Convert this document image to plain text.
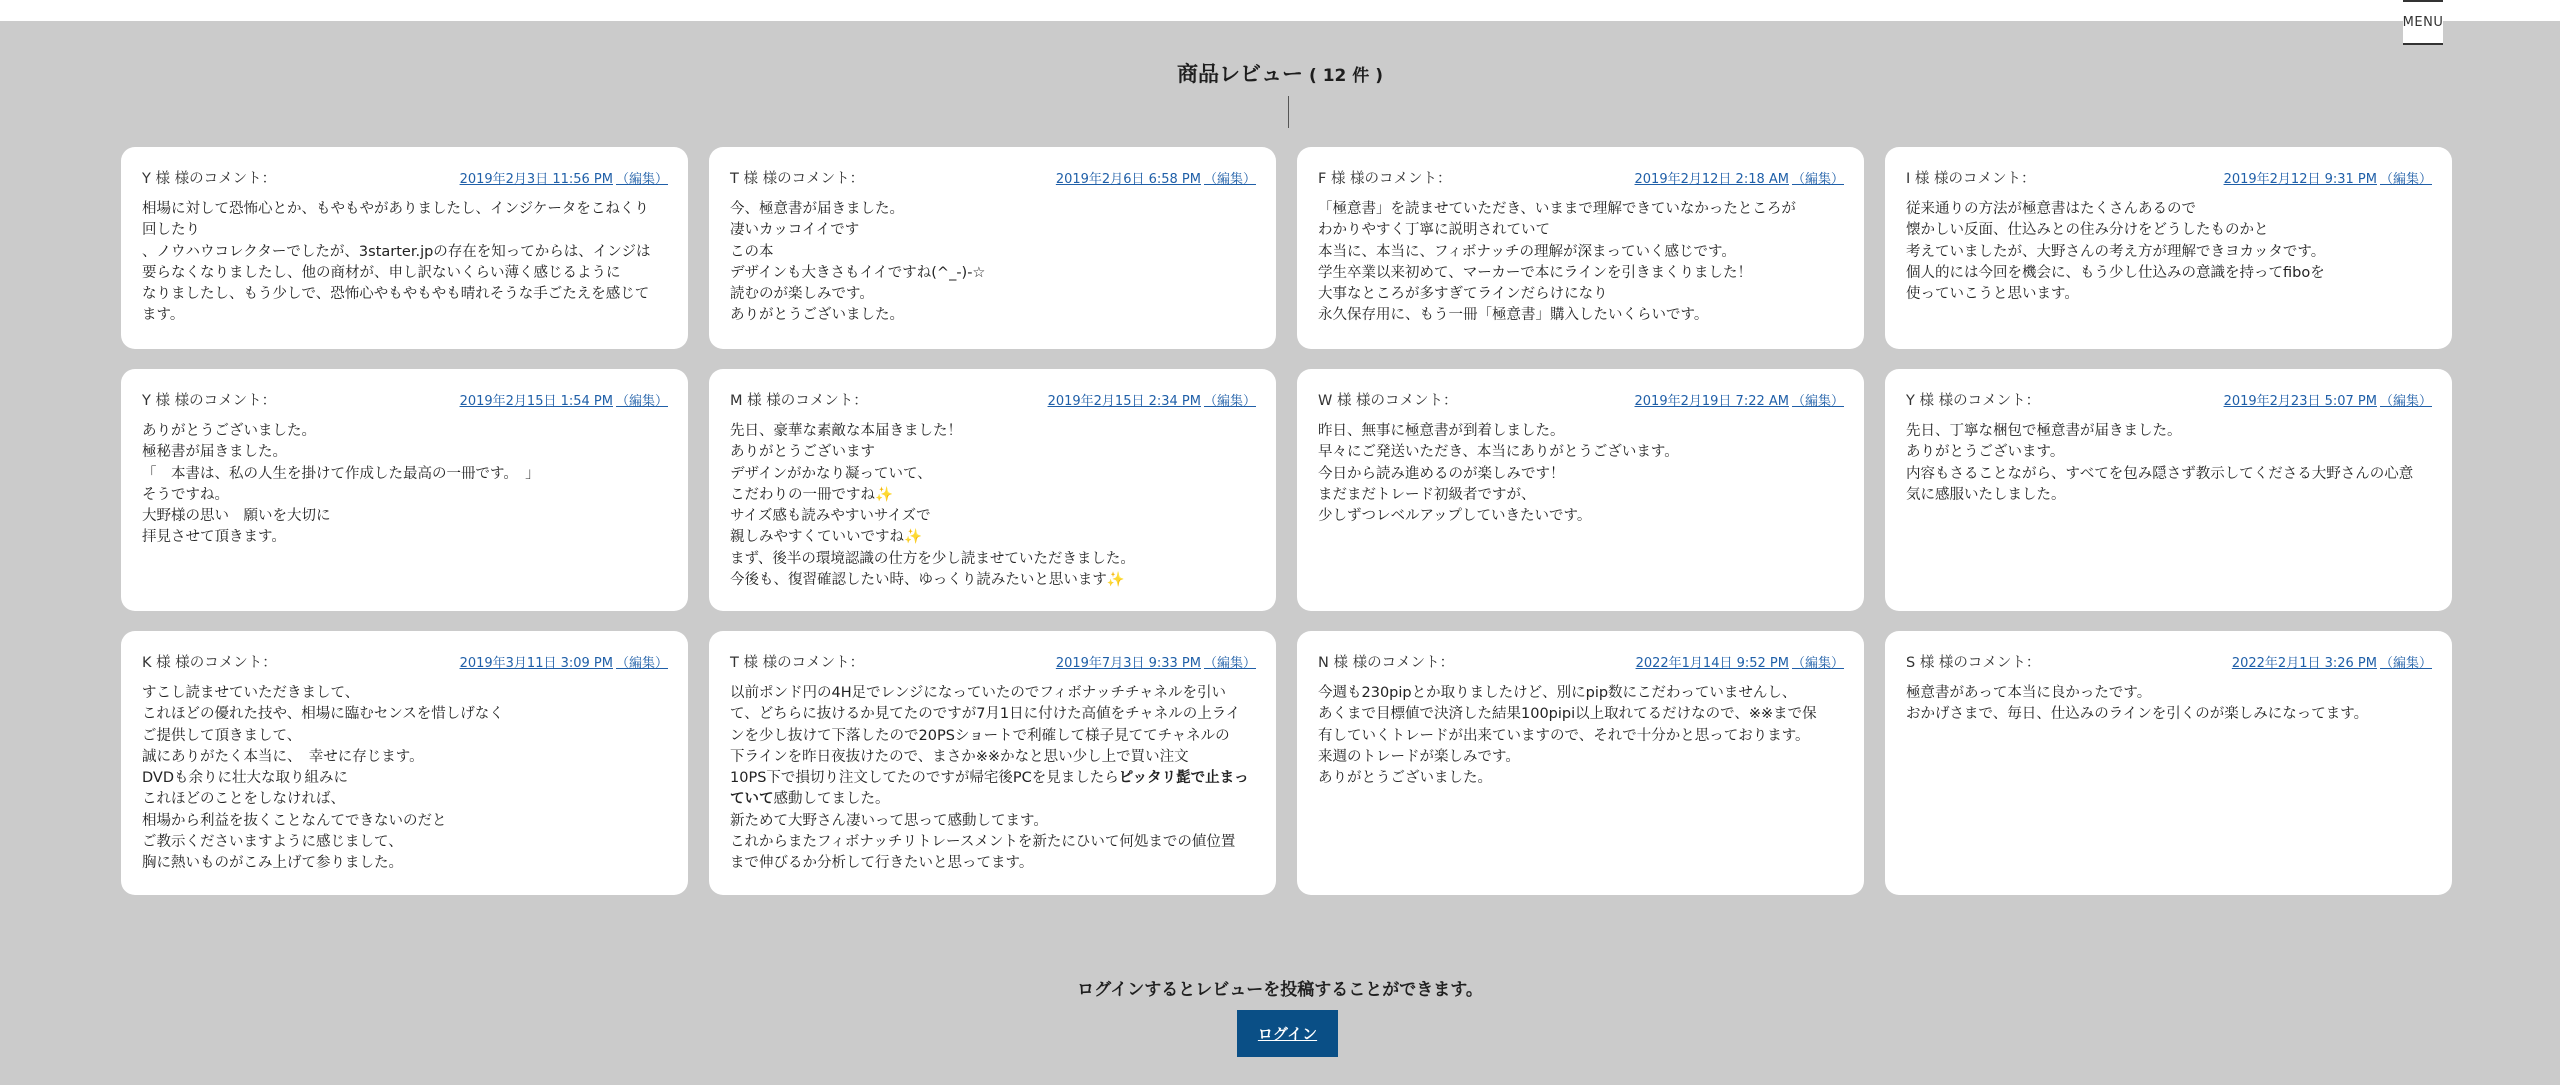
MENU
商品レビュー ( 12 件 )
Y 様 様のコメント：	2019年2月3日 11:56 PM （編集）
相場に対して恐怖心とか、もやもやがありましたし、インジケータをこねくり
回したり
、ノウハウコレクターでしたが、3starter.jpの存在を知ってからは、インジは
要らなくなりましたし、他の商材が、申し訳ないくらい薄く感じるように
なりましたし、もう少しで、恐怖心やもやもやも晴れそうな手ごたえを感じて
ます。
T 様 様のコメント：	2019年2月6日 6:58 PM （編集）
今、極意書が届きました。
凄いカッコイイです
この本
デザインも大きさもイイですね(^_-)-☆
読むのが楽しみです。
ありがとうございました。
F 様 様のコメント：	2019年2月12日 2:18 AM （編集）
「極意書」を読ませていただき、いままで理解できていなかったところが
わかりやすく丁寧に説明されていて
本当に、本当に、フィボナッチの理解が深まっていく感じです。
学生卒業以来初めて、マーカーで本にラインを引きまくりました！
大事なところが多すぎてラインだらけになり
永久保存用に、もう一冊「極意書」購入したいくらいです。
I 様 様のコメント：	2019年2月12日 9:31 PM （編集）
従来通りの方法が極意書はたくさんあるので
懐かしい反面、仕込みとの住み分けをどうしたものかと
考えていましたが、大野さんの考え方が理解できヨカッタです。
個人的には今回を機会に、もう少し仕込みの意識を持ってfiboを
使っていこうと思います。
Y 様 様のコメント：	2019年2月15日 1:54 PM （編集）
ありがとうございました。
極秘書が届きました。
「　本書は、私の人生を掛けて作成した最高の一冊です。　」
そうですね。
大野様の思い　願いを大切に
拝見させて頂きます。
M 様 様のコメント：	2019年2月15日 2:34 PM （編集）
先日、豪華な素敵な本届きました！
ありがとうございます
デザインがかなり凝っていて、
こだわりの一冊ですね✨
サイズ感も読みやすいサイズで
親しみやすくていいですね✨
まず、後半の環境認識の仕方を少し読ませていただきました。
今後も、復習確認したい時、ゆっくり読みたいと思います✨
W 様 様のコメント：	2019年2月19日 7:22 AM （編集）
昨日、無事に極意書が到着しました。
早々にご発送いただき、本当にありがとうございます。
今日から読み進めるのが楽しみです！
まだまだトレード初級者ですが、
少しずつレベルアップしていきたいです。
Y 様 様のコメント：	2019年2月23日 5:07 PM （編集）
先日、丁寧な梱包で極意書が届きました。
ありがとうございます。
内容もさることながら、すべてを包み隠さず教示してくださる大野さんの心意
気に感服いたしました。
K 様 様のコメント：	2019年3月11日 3:09 PM （編集）
すこし読ませていただきまして、
これほどの優れた技や、相場に臨むセンスを惜しげなく
ご提供して頂きまして、
誠にありがたく本当に、　幸せに存じます。
DVDも余りに壮大な取り組みに
これほどのことをしなければ、
相場から利益を抜くことなんてできないのだと
ご教示くださいますように感じまして、
胸に熱いものがこみ上げて参りました。
T 様 様のコメント：	2019年7月3日 9:33 PM （編集）
以前ポンド円の4H足でレンジになっていたのでフィボナッチチャネルを引い
て、どちらに抜けるか見てたのですが7月1日に付けた高値をチャネルの上ライ
ンを少し抜けて下落したので20PSショートで利確して様子見ててチャネルの
下ラインを昨日夜抜けたので、まさか※※かなと思い少し上で買い注文
10PS下で損切り注文してたのですが帰宅後PCを見ましたらピッタリ髭で止まっていて感動してました。
新ためて大野さん凄いって思って感動してます。
これからまたフィボナッチリトレースメントを新たにひいて何処までの値位置
まで伸びるか分析して行きたいと思ってます。
N 様 様のコメント：	2022年1月14日 9:52 PM （編集）
今週も230pipとか取りましたけど、別にpip数にこだわっていませんし、
あくまで目標値で決済した結果100pipi以上取れてるだけなので、※※まで保
有していくトレードが出来ていますので、それで十分かと思っております。
来週のトレードが楽しみです。
ありがとうございました。
S 様 様のコメント：	2022年2月1日 3:26 PM （編集）
極意書があって本当に良かったです。
おかげさまで、毎日、仕込みのラインを引くのが楽しみになってます。
ログインするとレビューを投稿することができます。
ログイン
